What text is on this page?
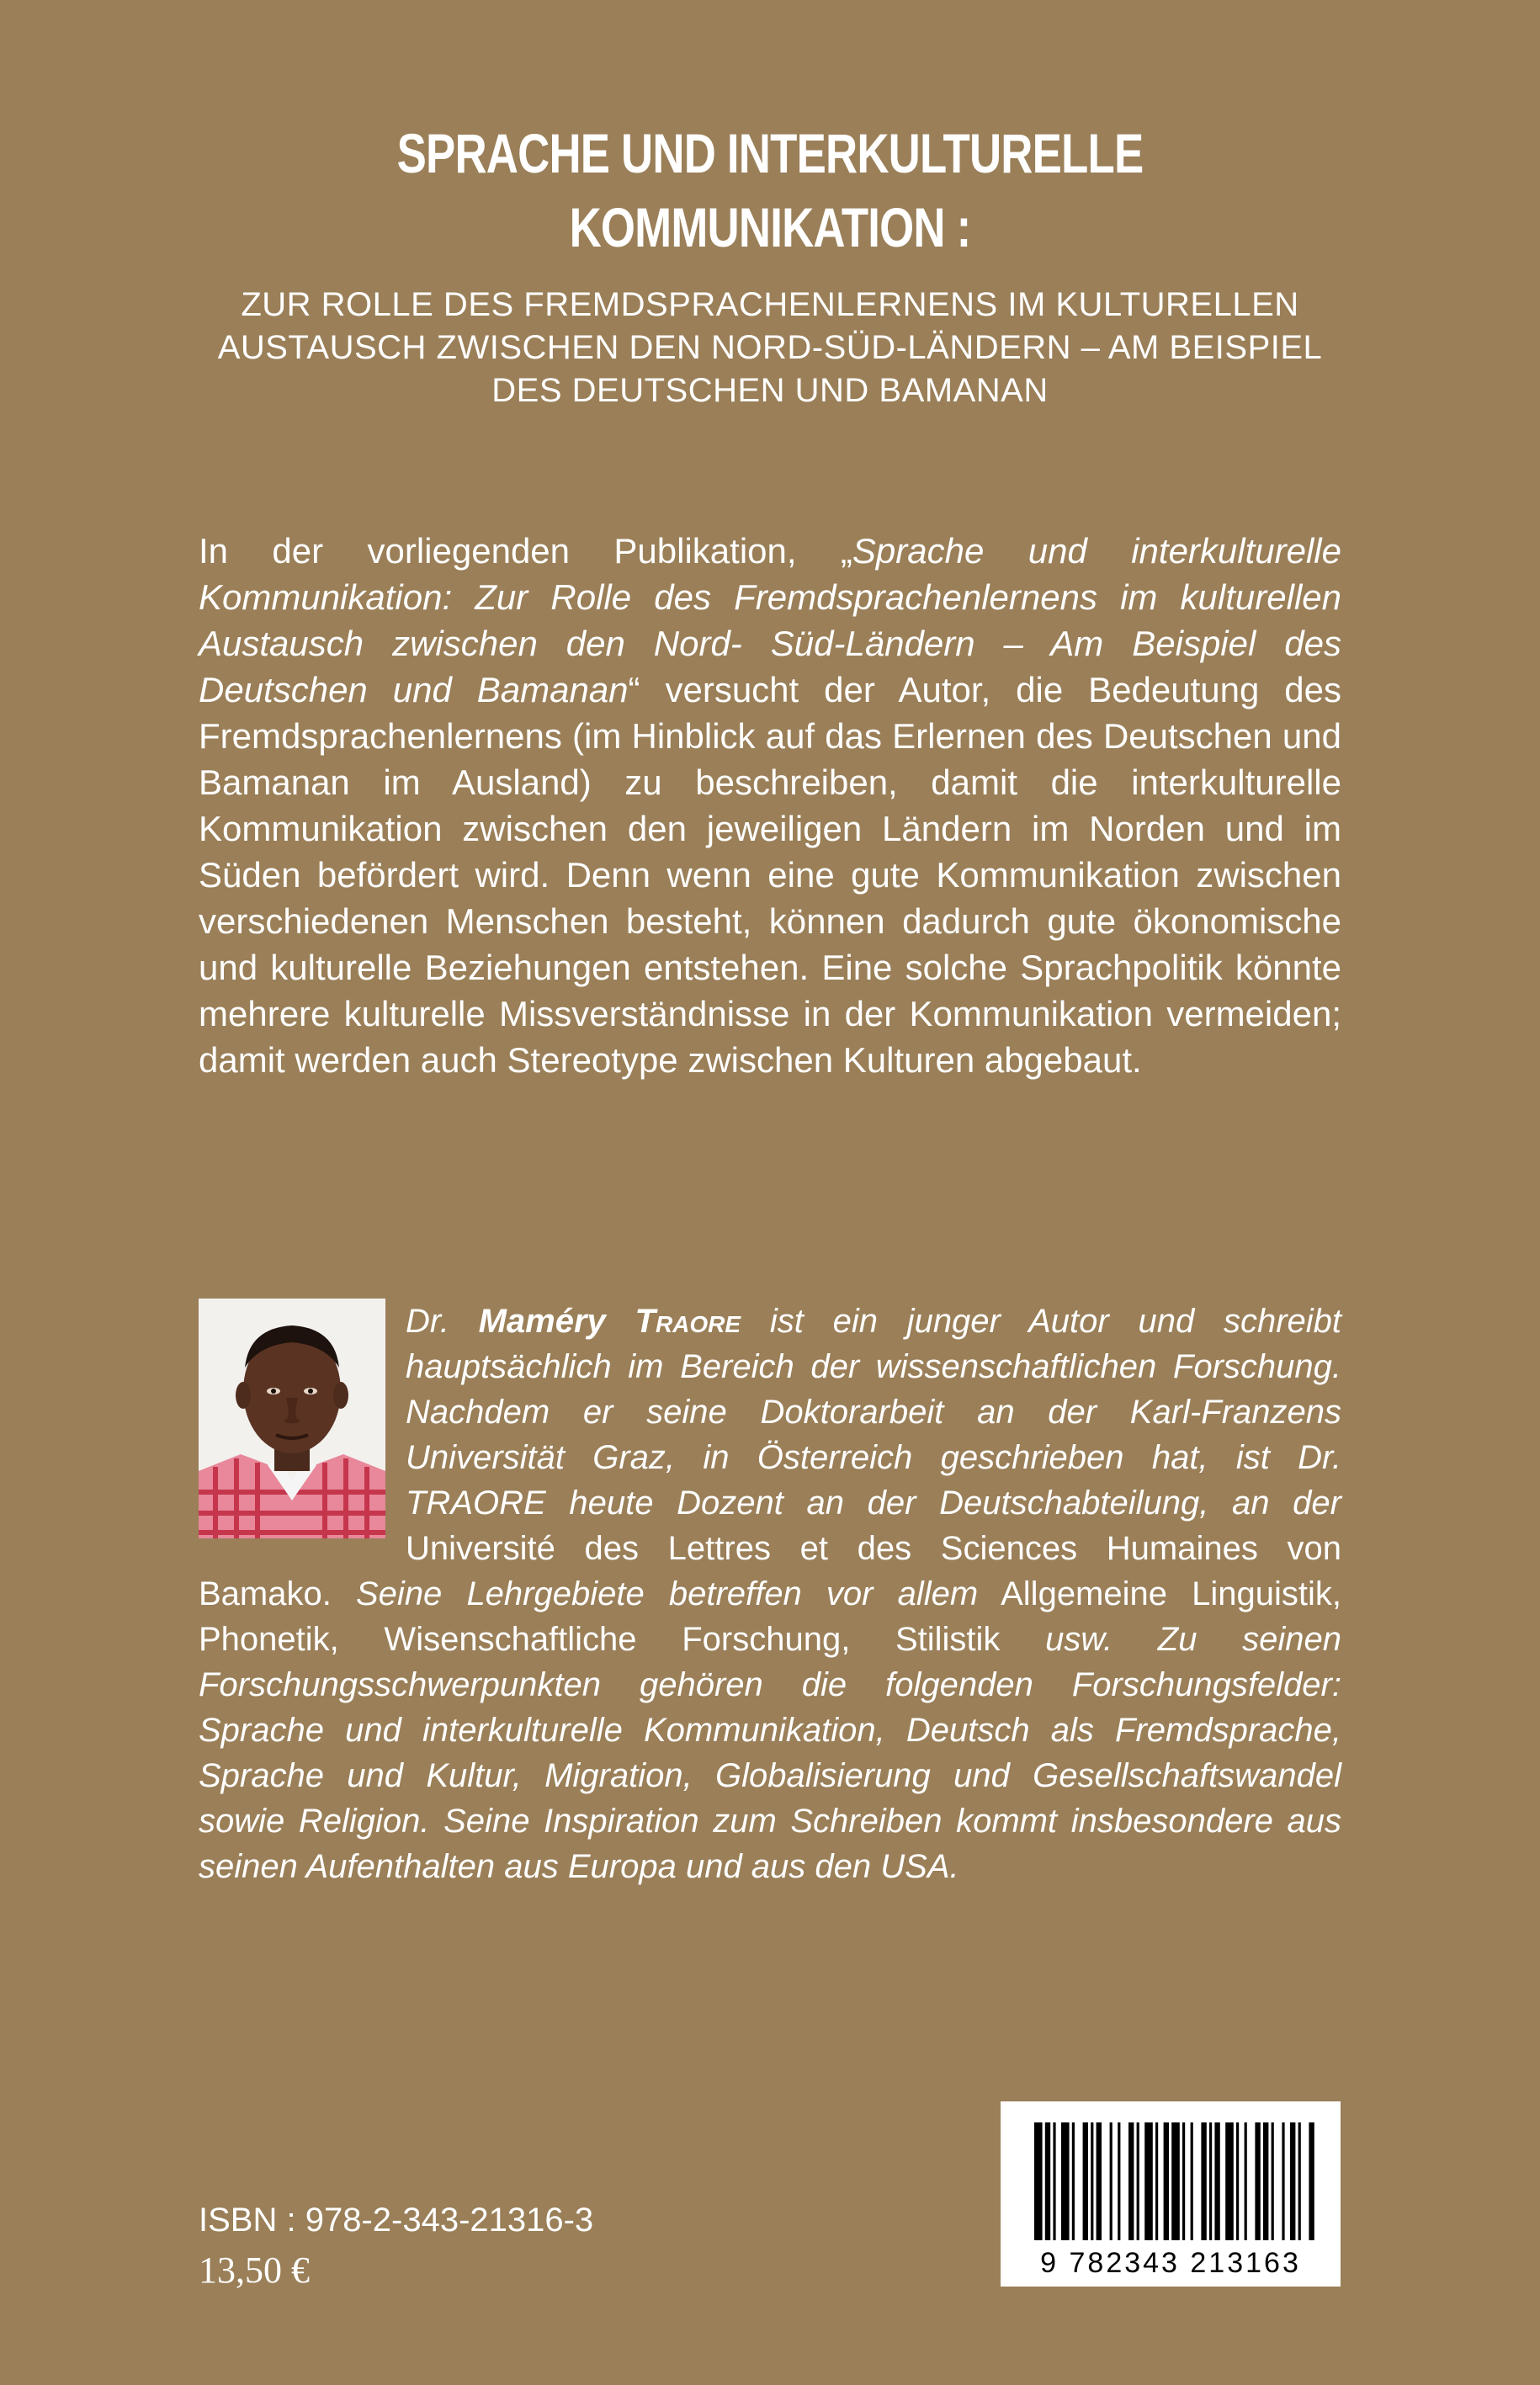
SPRACHE UND INTERKULTURELLE
KOMMUNIKATION :
ZUR ROLLE DES FREMDSPRACHENLERNENS IM KULTURELLEN
AUSTAUSCH ZWISCHEN DEN NORD-SÜD-LÄNDERN – AM BEISPIEL
DES DEUTSCHEN UND BAMANAN
In der vorliegenden Publikation, „Sprache und interkulturelle Kommunikation: Zur Rolle des Fremdsprachenlernens im kulturellen Austausch zwischen den Nord- Süd-Ländern – Am Beispiel des Deutschen und Bamanan“ versucht der Autor, die Bedeutung des Fremdsprachenlernens (im Hinblick auf das Erlernen des Deutschen und Bamanan im Ausland) zu beschreiben, damit die interkulturelle Kommunikation zwischen den jeweiligen Ländern im Norden und im Süden befördert wird. Denn wenn eine gute Kommunikation zwischen verschiedenen Menschen besteht, können dadurch gute ökonomische und kulturelle Beziehungen entstehen. Eine solche Sprachpolitik könnte mehrere kulturelle Missverständnisse in der Kommunikation vermeiden; damit werden auch Stereotype zwischen Kulturen abgebaut.
Dr. Maméry Traore ist ein junger Autor und schreibt hauptsächlich im Bereich der wissenschaftlichen Forschung. Nachdem er seine Doktorarbeit an der Karl-Franzens Universität Graz, in Österreich geschrieben hat, ist Dr. TRAORE heute Dozent an der Deutschabteilung, an der Université des Lettres et des Sciences Humaines von Bamako. Seine Lehrgebiete betreffen vor allem Allgemeine Linguistik, Phonetik, Wisenschaftliche Forschung, Stilistik usw. Zu seinen Forschungsschwerpunkten gehören die folgenden Forschungsfelder: Sprache und interkulturelle Kommunikation, Deutsch als Fremdsprache, Sprache und Kultur, Migration, Globalisierung und Gesellschaftswandel sowie Religion. Seine Inspiration zum Schreiben kommt insbesondere aus seinen Aufenthalten aus Europa und aus den USA.
ISBN : 978-2-343-21316-3
13,50 €	9 782343 213163
